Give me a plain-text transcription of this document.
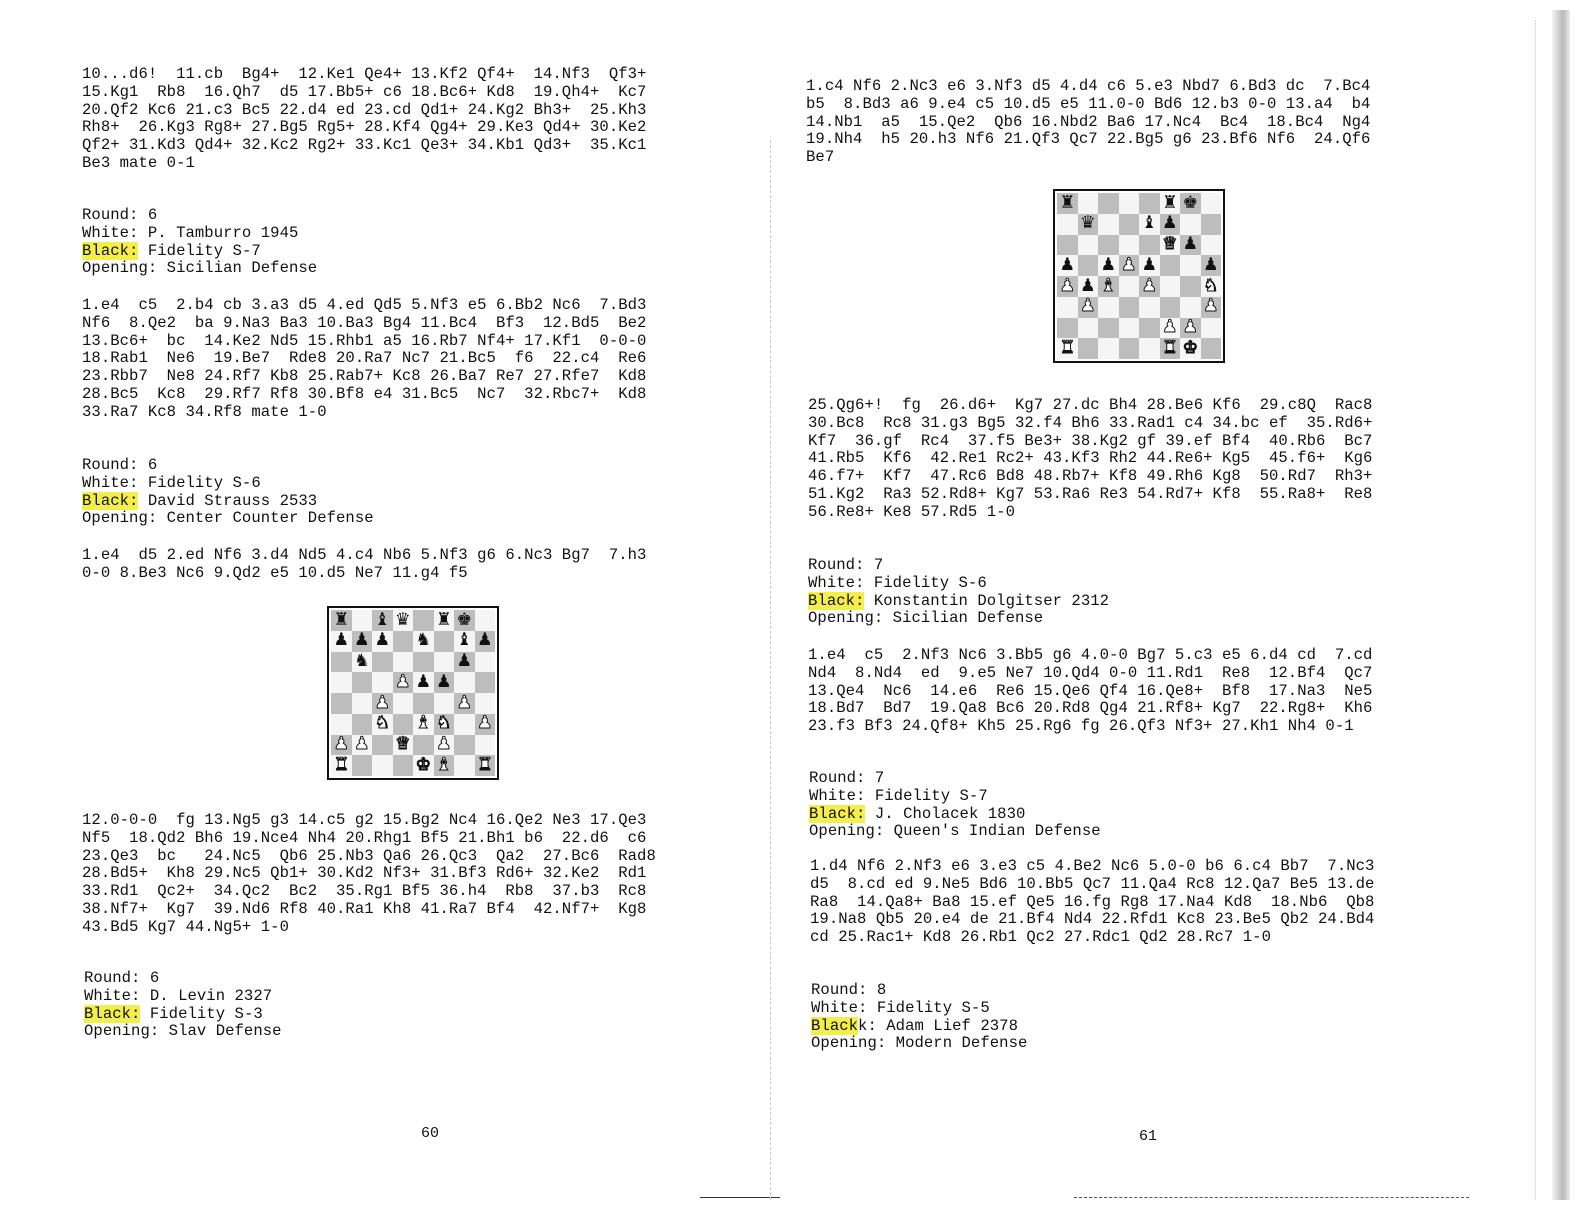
10...d6!  11.cb  Bg4+  12.Ke1 Qe4+ 13.Kf2 Qf4+  14.Nf3  Qf3+
15.Kg1  Rb8  16.Qh7  d5 17.Bb5+ c6 18.Bc6+ Kd8  19.Qh4+  Kc7
20.Qf2 Kc6 21.c3 Bc5 22.d4 ed 23.cd Qd1+ 24.Kg2 Bh3+  25.Kh3
Rh8+  26.Kg3 Rg8+ 27.Bg5 Rg5+ 28.Kf4 Qg4+ 29.Ke3 Qd4+ 30.Ke2
Qf2+ 31.Kd3 Qd4+ 32.Kc2 Rg2+ 33.Kc1 Qe3+ 34.Kb1 Qd3+  35.Kc1
Be3 mate 0-1
Round: 6
White: P. Tamburro 1945
Black: Fidelity S-7
Opening: Sicilian Defense
1.e4  c5  2.b4 cb 3.a3 d5 4.ed Qd5 5.Nf3 e5 6.Bb2 Nc6  7.Bd3
Nf6  8.Qe2  ba 9.Na3 Ba3 10.Ba3 Bg4 11.Bc4  Bf3  12.Bd5  Be2
13.Bc6+  bc  14.Ke2 Nd5 15.Rhb1 a5 16.Rb7 Nf4+ 17.Kf1  0-0-0
18.Rab1  Ne6  19.Be7  Rde8 20.Ra7 Nc7 21.Bc5  f6  22.c4  Re6
23.Rbb7  Ne8 24.Rf7 Kb8 25.Rab7+ Kc8 26.Ba7 Re7 27.Rfe7  Kd8
28.Bc5  Kc8  29.Rf7 Rf8 30.Bf8 e4 31.Bc5  Nc7  32.Rbc7+  Kd8
33.Ra7 Kc8 34.Rf8 mate 1-0
Round: 6
White: Fidelity S-6
Black: David Strauss 2533
Opening: Center Counter Defense
1.e4  d5 2.ed Nf6 3.d4 Nd5 4.c4 Nb6 5.Nf3 g6 6.Nc3 Bg7  7.h3
0-0 8.Be3 Nc6 9.Qd2 e5 10.d5 Ne7 11.g4 f5
♜ ♝ ♛ ♜ ♚
♟ ♟ ♟ ♞ ♝ ♟
♞	♟
♟ ♟ ♟
♟	♟
♞ ♝ ♞ ♟
♟ ♟ ♛ ♟
♜	♚ ♝ ♜
12.0-0-0  fg 13.Ng5 g3 14.c5 g2 15.Bg2 Nc4 16.Qe2 Ne3 17.Qe3
Nf5  18.Qd2 Bh6 19.Nce4 Nh4 20.Rhg1 Bf5 21.Bh1 b6  22.d6  c6
23.Qe3  bc   24.Nc5  Qb6 25.Nb3 Qa6 26.Qc3  Qa2  27.Bc6  Rad8
28.Bd5+  Kh8 29.Nc5 Qb1+ 30.Kd2 Nf3+ 31.Bf3 Rd6+ 32.Ke2  Rd1
33.Rd1  Qc2+  34.Qc2  Bc2  35.Rg1 Bf5 36.h4  Rb8  37.b3  Rc8
38.Nf7+  Kg7  39.Nd6 Rf8 40.Ra1 Kh8 41.Ra7 Bf4  42.Nf7+  Kg8
43.Bd5 Kg7 44.Ng5+ 1-0
Round: 6
White: D. Levin 2327
Black: Fidelity S-3
Opening: Slav Defense
60
1.c4 Nf6 2.Nc3 e6 3.Nf3 d5 4.d4 c6 5.e3 Nbd7 6.Bd3 dc  7.Bc4
b5  8.Bd3 a6 9.e4 c5 10.d5 e5 11.0-0 Bd6 12.b3 0-0 13.a4  b4
14.Nb1  a5  15.Qe2  Qb6 16.Nbd2 Ba6 17.Nc4  Bc4  18.Bc4  Ng4
19.Nh4  h5 20.h3 Nf6 21.Qf3 Qc7 22.Bg5 g6 23.Bf6 Nf6  24.Qf6
Be7
♜	♜ ♚
♛	♝ ♟
♛ ♟
♟ ♟ ♟ ♟	♟
♟ ♟ ♝ ♟	♞
♟	♟
♟ ♟
♜	♜ ♚
25.Qg6+!  fg  26.d6+  Kg7 27.dc Bh4 28.Be6 Kf6  29.c8Q  Rac8
30.Bc8  Rc8 31.g3 Bg5 32.f4 Bh6 33.Rad1 c4 34.bc ef  35.Rd6+
Kf7  36.gf  Rc4  37.f5 Be3+ 38.Kg2 gf 39.ef Bf4  40.Rb6  Bc7
41.Rb5  Kf6  42.Re1 Rc2+ 43.Kf3 Rh2 44.Re6+ Kg5  45.f6+  Kg6
46.f7+  Kf7  47.Rc6 Bd8 48.Rb7+ Kf8 49.Rh6 Kg8  50.Rd7  Rh3+
51.Kg2  Ra3 52.Rd8+ Kg7 53.Ra6 Re3 54.Rd7+ Kf8  55.Ra8+  Re8
56.Re8+ Ke8 57.Rd5 1-0
Round: 7
White: Fidelity S-6
Black: Konstantin Dolgitser 2312
Opening: Sicilian Defense
1.e4  c5  2.Nf3 Nc6 3.Bb5 g6 4.0-0 Bg7 5.c3 e5 6.d4 cd  7.cd
Nd4  8.Nd4  ed  9.e5 Ne7 10.Qd4 0-0 11.Rd1  Re8  12.Bf4  Qc7
13.Qe4  Nc6  14.e6  Re6 15.Qe6 Qf4 16.Qe8+  Bf8  17.Na3  Ne5
18.Bd7  Bd7  19.Qa8 Bc6 20.Rd8 Qg4 21.Rf8+ Kg7  22.Rg8+  Kh6
23.f3 Bf3 24.Qf8+ Kh5 25.Rg6 fg 26.Qf3 Nf3+ 27.Kh1 Nh4 0-1
Round: 7
White: Fidelity S-7
Black: J. Cholacek 1830
Opening: Queen's Indian Defense
1.d4 Nf6 2.Nf3 e6 3.e3 c5 4.Be2 Nc6 5.0-0 b6 6.c4 Bb7  7.Nc3
d5  8.cd ed 9.Ne5 Bd6 10.Bb5 Qc7 11.Qa4 Rc8 12.Qa7 Be5 13.de
Ra8  14.Qa8+ Ba8 15.ef Qe5 16.fg Rg8 17.Na4 Kd8  18.Nb6  Qb8
19.Na8 Qb5 20.e4 de 21.Bf4 Nd4 22.Rfd1 Kc8 23.Be5 Qb2 24.Bd4
cd 25.Rac1+ Kd8 26.Rb1 Qc2 27.Rdc1 Qd2 28.Rc7 1-0
Round: 8
White: Fidelity S-5
Blackk: Adam Lief 2378
Opening: Modern Defense
61
